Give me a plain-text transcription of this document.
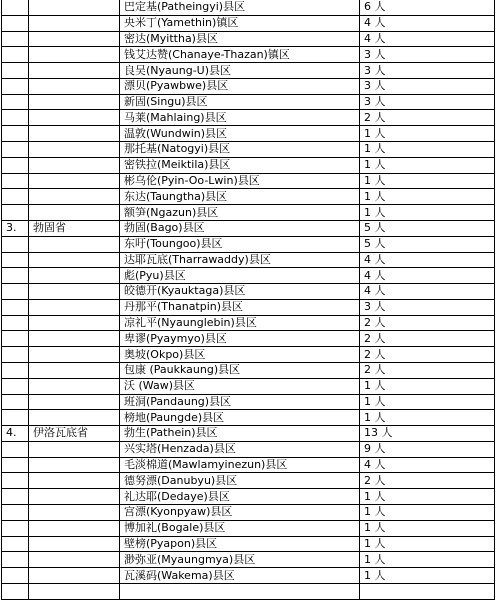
		巴定基(Patheingyi)县区	6 人
		央米丁(Yamethin)镇区	4 人
		密达(Myittha)县区	4 人
		钱艾达赞(Chanaye-Thazan)镇区	3 人
		良吴(Nyaung-U)县区	3 人
		漂贝(Pyawbwe)县区	3 人
		新固(Singu)县区	3 人
		马莱(Mahlaing)县区	2 人
		温敦(Wundwin)县区	1 人
		那托基(Natogyi)县区	1 人
		密铁拉(Meiktila)县区	1 人
		彬乌伦(Pyin-Oo-Lwin)县区	1 人
		东达(Taungtha)县区	1 人
		额笋(Ngazun)县区	1 人
3.	勃固省	勃固(Bago)县区	5 人
		东吁(Toungoo)县区	5 人
		达耶瓦底(Tharrawaddy)县区	4 人
		彪(Pyu)县区	4 人
		皎德开(Kyauktaga)县区	4 人
		丹那平(Thanatpin)县区	3 人
		凉礼平(Nyaunglebin)县区	2 人
		卑谬(Pyaymyo)县区	2 人
		奥坡(Okpo)县区	2 人
		包康 (Paukkaung)县区	2 人
		沃 (Waw)县区	1 人
		班洞(Pandaung)县区	1 人
		榜地(Paungde)县区	1 人
4.	伊洛瓦底省	勃生(Pathein)县区	13 人
		兴实塔(Henzada)县区	9 人
		毛淡棉道(Mawlamyinezun)县区	4 人
		德努漂(Danubyu)县区	2 人
		礼达耶(Dedaye)县区	1 人
		宫漂(Kyonpyaw)县区	1 人
		博加礼(Bogale)县区	1 人
		壁榜(Pyapon)县区	1 人
		渺弥亚(Myaungmya)县区	1 人
		瓦溪码(Wakema)县区	1 人
